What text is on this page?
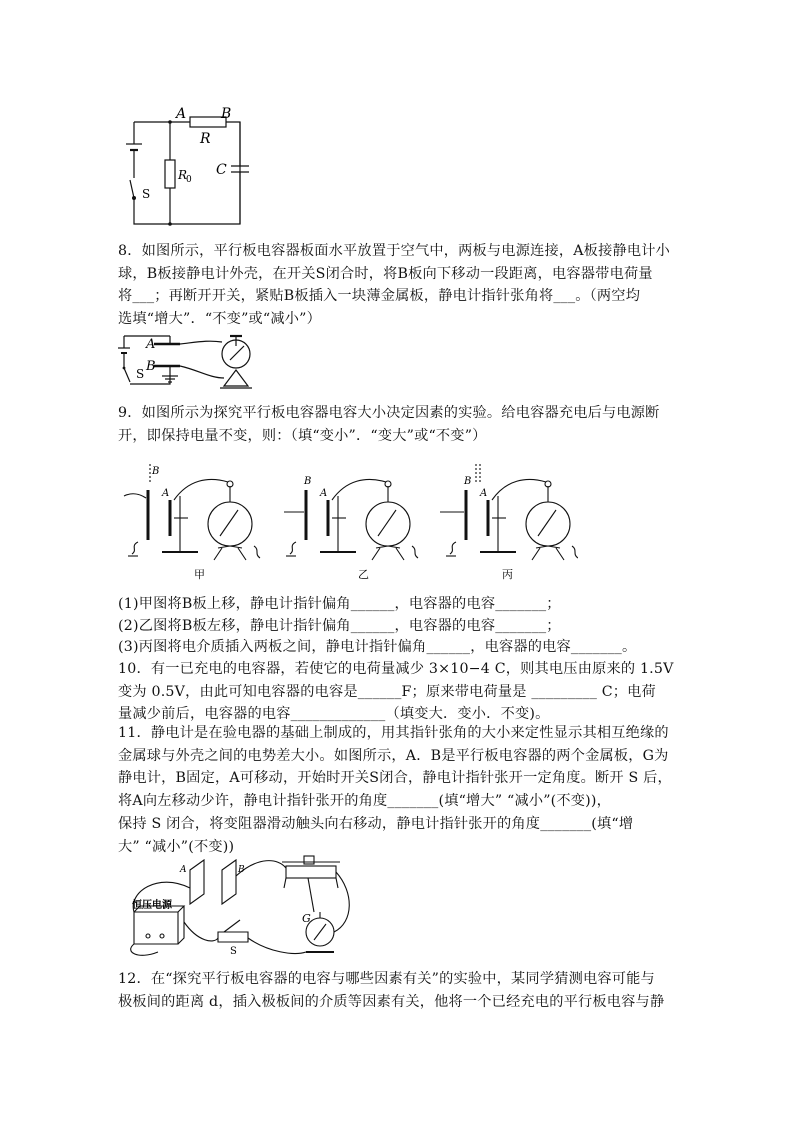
A B
R
C
R
0
S
8．如图所示，平行板电容器板面水平放置于空气中，两板与电源连接，A板接静电计小
球，B板接静电计外壳，在开关S闭合时，将B板向下移动一段距离，电容器带电荷量
将___；再断开开关，紧贴B板插入一块薄金属板，静电计指针张角将___。（两空均
选填“增大”．“不变”或“减小”）
A
B
S
9．如图所示为探究平行板电容器电容大小决定因素的实验。给电容器充电后与电源断
开，即保持电量不变，则：（填“变小”．“变大”或“不变”）
B
A
B
A
B
A
甲	乙	丙
(1)甲图将B板上移，静电计指针偏角______，电容器的电容_______；
(2)乙图将B板左移，静电计指针偏角______，电容器的电容_______；
(3)丙图将电介质插入两板之间，静电计指针偏角______，电容器的电容_______。
10．有一已充电的电容器，若使它的电荷量减少 3×10−4 C，则其电压由原来的 1.5V
变为 0.5V，由此可知电容器的电容是______F；原来带电荷量是 _________ C；电荷
量减少前后，电容器的电容_____________（填变大．变小．不变)。
11．静电计是在验电器的基础上制成的，用其指针张角的大小来定性显示其相互绝缘的
金属球与外壳之间的电势差大小。如图所示，A．B是平行板电容器的两个金属板，G为
静电计，B固定，A可移动，开始时开关S闭合，静电计指针张开一定角度。断开 S 后，
将A向左移动少许，静电计指针张开的角度_______(填“增大” “减小”(不变))，
保持 S 闭合，将变阻器滑动触头向右移动，静电计指针张开的角度_______(填“增
大” “减小”(不变))
A	B
G
S
恒压电源
12．在“探究平行板电容器的电容与哪些因素有关”的实验中，某同学猜测电容可能与
极板间的距离 d，插入极板间的介质等因素有关，他将一个已经充电的平行板电容与静
